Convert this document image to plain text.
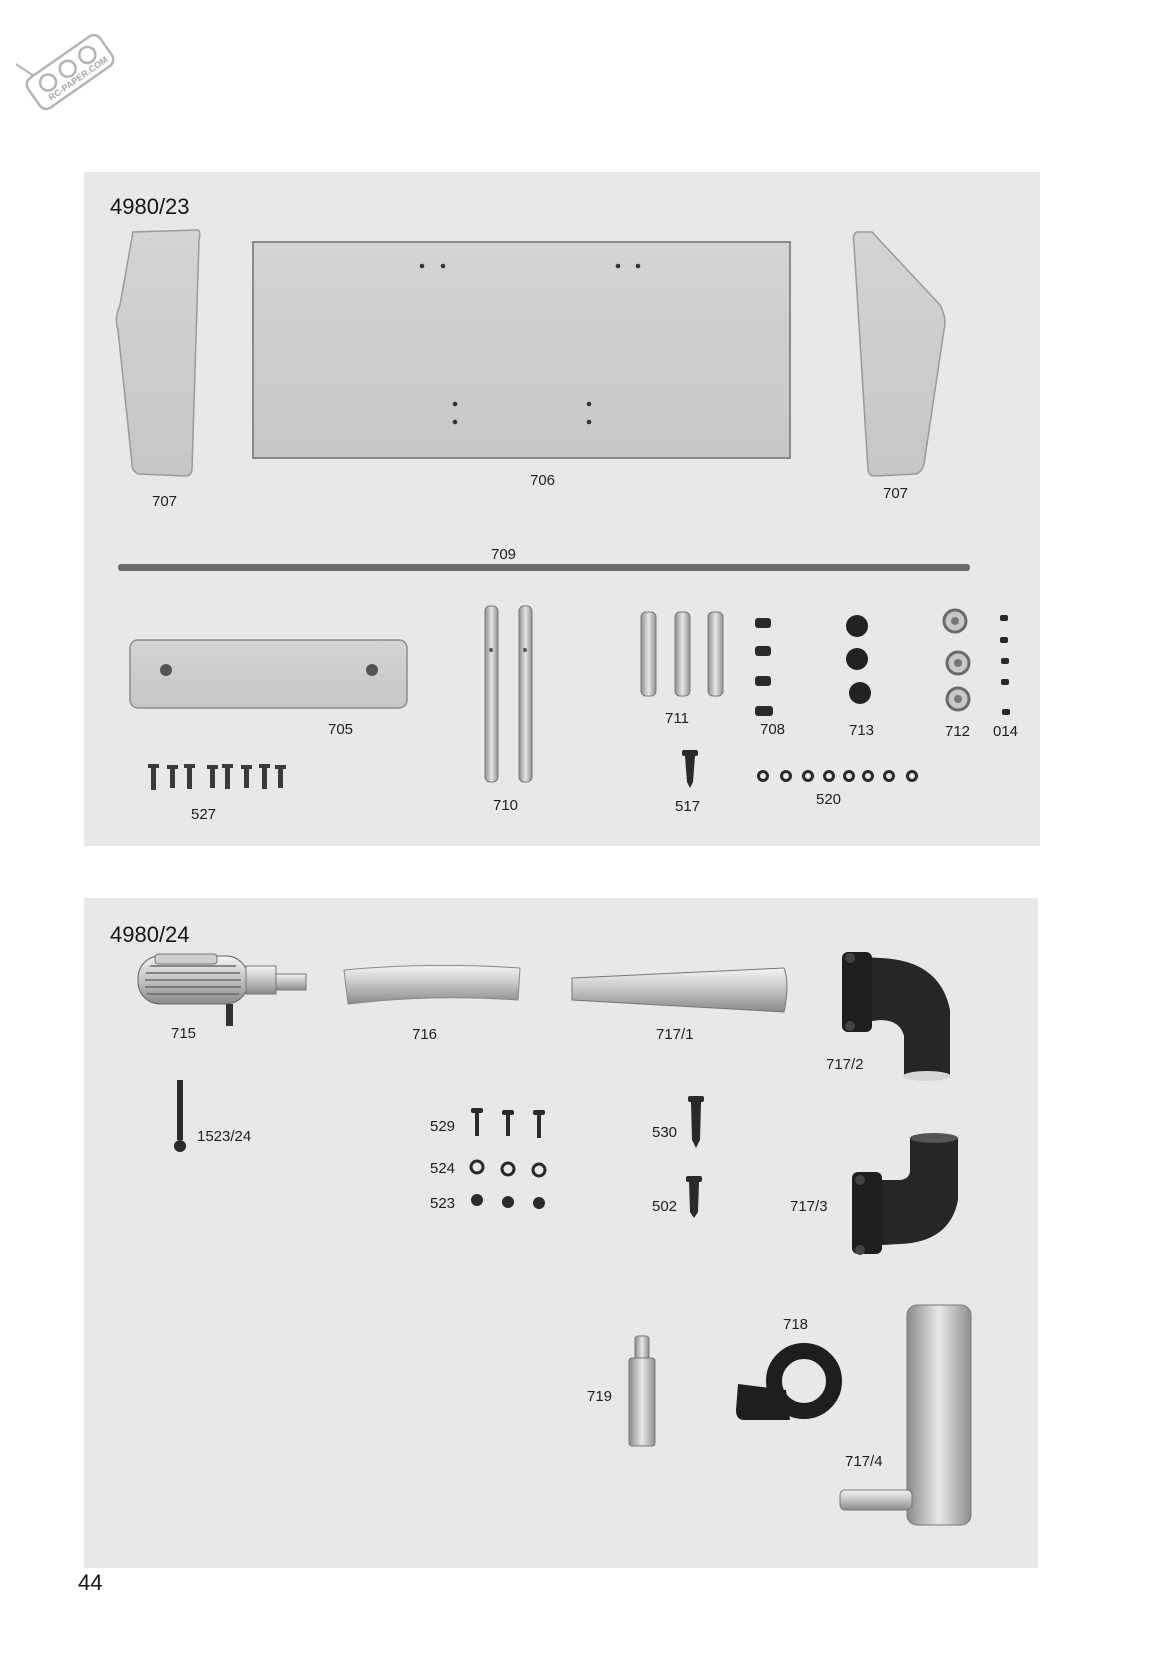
RC-PAPER.COM
4980/23
707
706
707
709
705
711
708	713	712 014
527
710	517	520
4980/24
715	716	717/1
717/2
1523/24
529
524
523
530
502	717/3
718
719
717/4
44
